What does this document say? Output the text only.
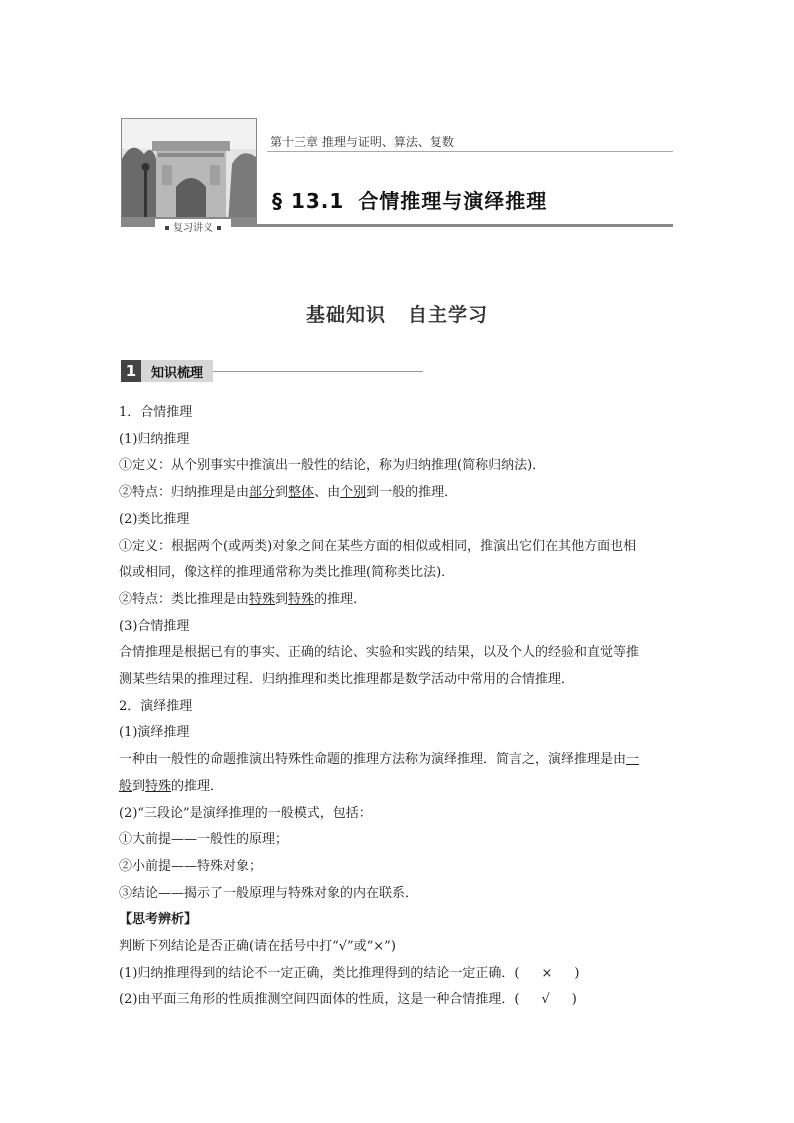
第十三章 推理与证明、算法、复数
§ 13.1 合情推理与演绎推理
复习讲义
基础知识 自主学习
1	知识梳理

1．合情推理

(1)归纳推理

①定义：从个别事实中推演出一般性的结论，称为归纳推理(简称归纳法)．

②特点：归纳推理是由部分到整体、由个别到一般的推理．

(2)类比推理

①定义：根据两个(或两类)对象之间在某些方面的相似或相同，推演出它们在其他方面也相

似或相同，像这样的推理通常称为类比推理(简称类比法)．

②特点：类比推理是由特殊到特殊的推理．

(3)合情推理

合情推理是根据已有的事实、正确的结论、实验和实践的结果，以及个人的经验和直觉等推

测某些结果的推理过程．归纳推理和类比推理都是数学活动中常用的合情推理．

2．演绎推理

(1)演绎推理

一种由一般性的命题推演出特殊性命题的推理方法称为演绎推理．简言之，演绎推理是由一

般到特殊的推理．

(2)“三段论”是演绎推理的一般模式，包括：

①大前提——一般性的原理；

②小前提——特殊对象；

③结论——揭示了一般原理与特殊对象的内在联系．

【思考辨析】

判断下列结论是否正确(请在括号中打“√”或“×”)

(1)归纳推理得到的结论不一定正确，类比推理得到的结论一定正确．( × )

(2)由平面三角形的性质推测空间四面体的性质，这是一种合情推理．( √ )
